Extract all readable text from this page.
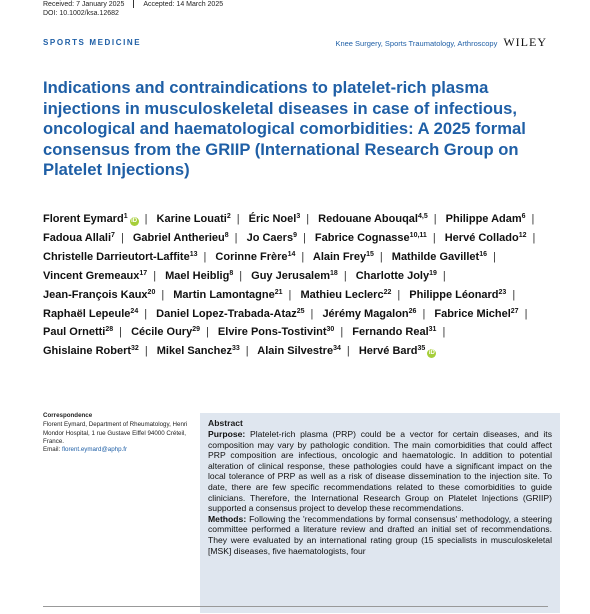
Received: 7 January 2025	Accepted: 14 March 2025
DOI: 10.1002/ksa.12682
SPORTS MEDICINE	Knee Surgery, Sports Traumatology, Arthroscopy WILEY
Indications and contraindications to platelet-rich plasma injections in musculoskeletal diseases in case of infectious, oncological and haematological comorbidities: A 2025 formal consensus from the GRIIP (International Research Group on Platelet Injections)
Florent Eymard$^1$iD | Karine Louati$^2$ | Éric Noel$^3$ | Redouane Abouqal$^{4,5}$ | Philippe Adam$^6$ | Fadoua Allali$^7$ | Gabriel Antherieu$^8$ | Jo Caers$^9$ | Fabrice Cognasse$^{10,11}$ | Hervé Collado$^{12}$ | Christelle Darrieutort-Laffite$^{13}$ | Corinne Frère$^{14}$ | Alain Frey$^{15}$ | Mathilde Gavillet$^{16}$ | Vincent Gremeaux$^{17}$ | Mael Heiblig$^8$ | Guy Jerusalem$^{18}$ | Charlotte Joly$^{19}$ | Jean-François Kaux$^{20}$ | Martin Lamontagne$^{21}$ | Mathieu Leclerc$^{22}$ | Philippe Léonard$^{23}$ | Raphaël Lepeule$^{24}$ | Daniel Lopez-Trabada-Ataz$^{25}$ | Jérémy Magalon$^{26}$ | Fabrice Michel$^{27}$ | Paul Ornetti$^{28}$ | Cécile Oury$^{29}$ | Elvire Pons-Tostivint$^{30}$ | Fernando Real$^{31}$ | Ghislaine Robert$^{32}$ | Mikel Sanchez$^{33}$ | Alain Silvestre$^{34}$ | Hervé Bard$^{35}$iD
Correspondence
Florent Eymard, Department of Rheumatology, Henri Mondor Hospital, 1 rue Gustave Eiffel 94000 Créteil, France.
Email: florent.eymard@aphp.fr
Abstract

Purpose: Platelet-rich plasma (PRP) could be a vector for certain diseases, and its composition may vary by pathologic condition. The main comorbidities that could affect PRP composition are infectious, oncologic and haematologic. In addition to potential alteration of clinical response, these pathologies could have a significant impact on the local tolerance of PRP as well as a risk of disease dissemination to the injection site. To date, there are few specific recommendations related to these comorbidities to guide clinicians. Therefore, the International Research Group on Platelet Injections (GRIIP) supported a consensus project to develop these recommendations.

Methods: Following the 'recommendations by formal consensus' methodology, a steering committee performed a literature review and drafted an initial set of recommendations. They were evaluated by an international rating group (15 specialists in musculoskeletal [MSK] diseases, five haematologists, four
